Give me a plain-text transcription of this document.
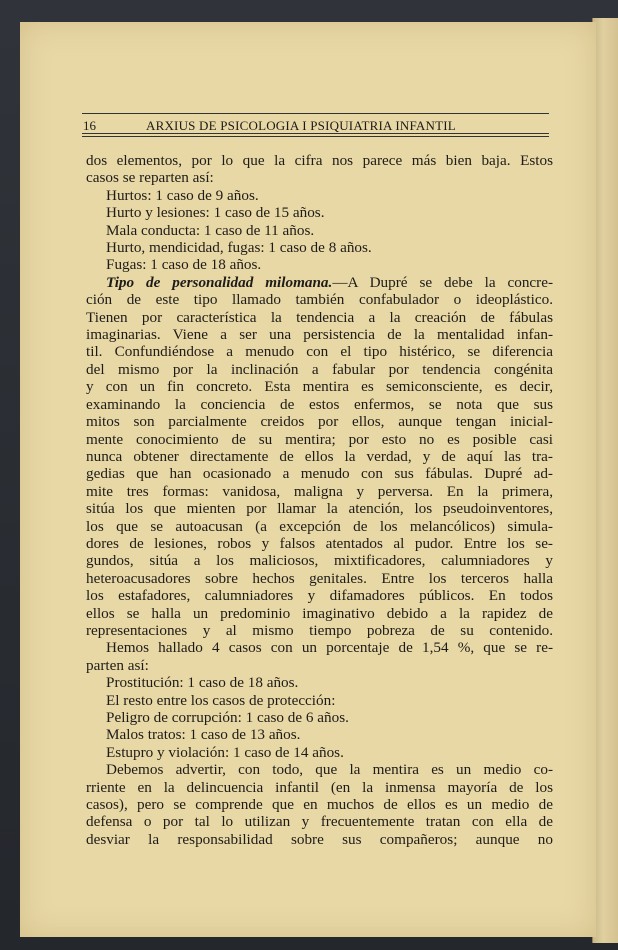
16	ARXIUS DE PSICOLOGIA I PSIQUIATRIA INFANTIL
dos elementos, por lo que la cifra nos parece más bien baja. Estos
casos se reparten así:
Hurtos: 1 caso de 9 años.
Hurto y lesiones: 1 caso de 15 años.
Mala conducta: 1 caso de 11 años.
Hurto, mendicidad, fugas: 1 caso de 8 años.
Fugas: 1 caso de 18 años.
Tipo de personalidad milomana.—A Dupré se debe la concre-
ción de este tipo llamado también confabulador o ideoplástico.
Tienen por característica la tendencia a la creación de fábulas
imaginarias. Viene a ser una persistencia de la mentalidad infan-
til. Confundiéndose a menudo con el tipo histérico, se diferencia
del mismo por la inclinación a fabular por tendencia congénita
y con un fin concreto. Esta mentira es semiconsciente, es decir,
examinando la conciencia de estos enfermos, se nota que sus
mitos son parcialmente creidos por ellos, aunque tengan inicial-
mente conocimiento de su mentira; por esto no es posible casi
nunca obtener directamente de ellos la verdad, y de aquí las tra-
gedias que han ocasionado a menudo con sus fábulas. Dupré ad-
mite tres formas: vanidosa, maligna y perversa. En la primera,
sitúa los que mienten por llamar la atención, los pseudoinventores,
los que se autoacusan (a excepción de los melancólicos) simula-
dores de lesiones, robos y falsos atentados al pudor. Entre los se-
gundos, sitúa a los maliciosos, mixtificadores, calumniadores y
heteroacusadores sobre hechos genitales. Entre los terceros halla
los estafadores, calumniadores y difamadores públicos. En todos
ellos se halla un predominio imaginativo debido a la rapidez de
representaciones y al mismo tiempo pobreza de su contenido.
Hemos hallado 4 casos con un porcentaje de 1,54 %, que se re-
parten así:
Prostitución: 1 caso de 18 años.
El resto entre los casos de protección:
Peligro de corrupción: 1 caso de 6 años.
Malos tratos: 1 caso de 13 años.
Estupro y violación: 1 caso de 14 años.
Debemos advertir, con todo, que la mentira es un medio co-
rriente en la delincuencia infantil (en la inmensa mayoría de los
casos), pero se comprende que en muchos de ellos es un medio de
defensa o por tal lo utilizan y frecuentemente tratan con ella de
desviar la responsabilidad sobre sus compañeros; aunque no
